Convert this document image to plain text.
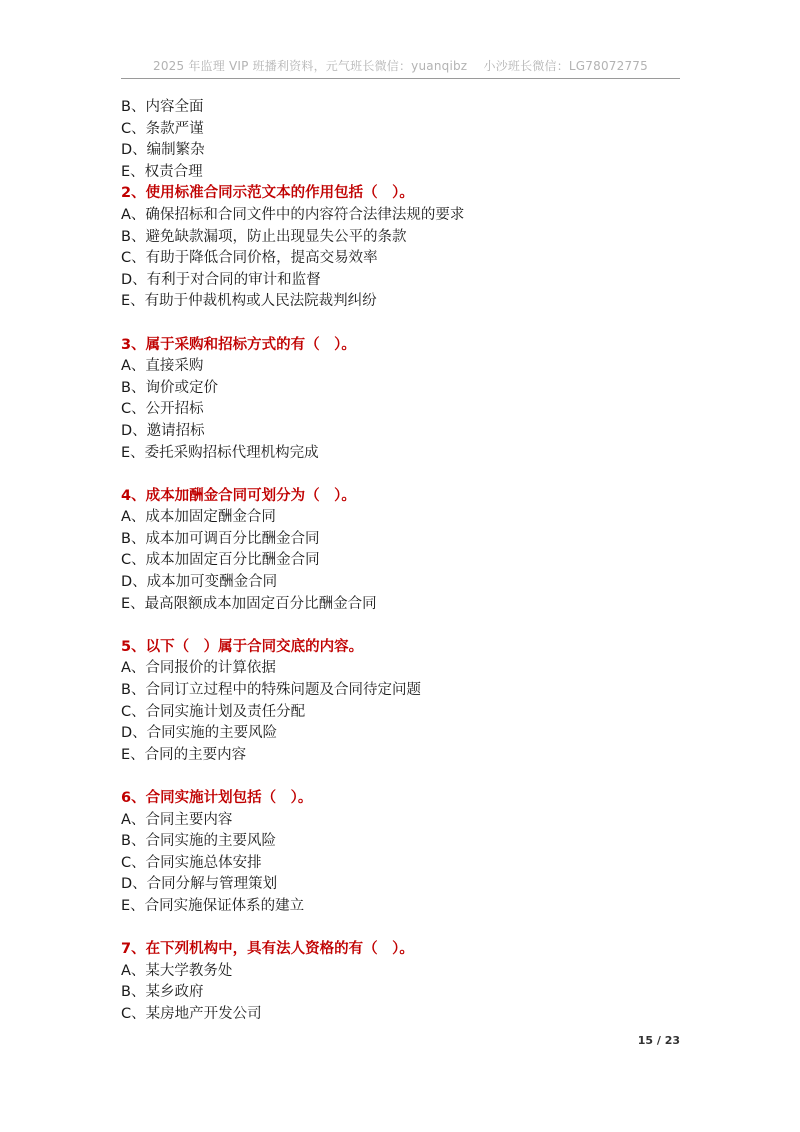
2025 年监理 VIP 班播利资料，元气班长微信：yuanqibz　 小沙班长微信：LG78072775
B、内容全面
C、条款严谨
D、编制繁杂
E、权责合理
2、使用标准合同示范文本的作用包括（　）。
A、确保招标和合同文件中的内容符合法律法规的要求
B、避免缺款漏项，防止出现显失公平的条款
C、有助于降低合同价格，提高交易效率
D、有利于对合同的审计和监督
E、有助于仲裁机构或人民法院裁判纠纷
3、属于采购和招标方式的有（　）。
A、直接采购
B、询价或定价
C、公开招标
D、邀请招标
E、委托采购招标代理机构完成
4、成本加酬金合同可划分为（　）。
A、成本加固定酬金合同
B、成本加可调百分比酬金合同
C、成本加固定百分比酬金合同
D、成本加可变酬金合同
E、最高限额成本加固定百分比酬金合同
5、以下（　）属于合同交底的内容。
A、合同报价的计算依据
B、合同订立过程中的特殊问题及合同待定问题
C、合同实施计划及责任分配
D、合同实施的主要风险
E、合同的主要内容
6、合同实施计划包括（　）。
A、合同主要内容
B、合同实施的主要风险
C、合同实施总体安排
D、合同分解与管理策划
E、合同实施保证体系的建立
7、在下列机构中，具有法人资格的有（　）。
A、某大学教务处
B、某乡政府
C、某房地产开发公司
15 / 23
